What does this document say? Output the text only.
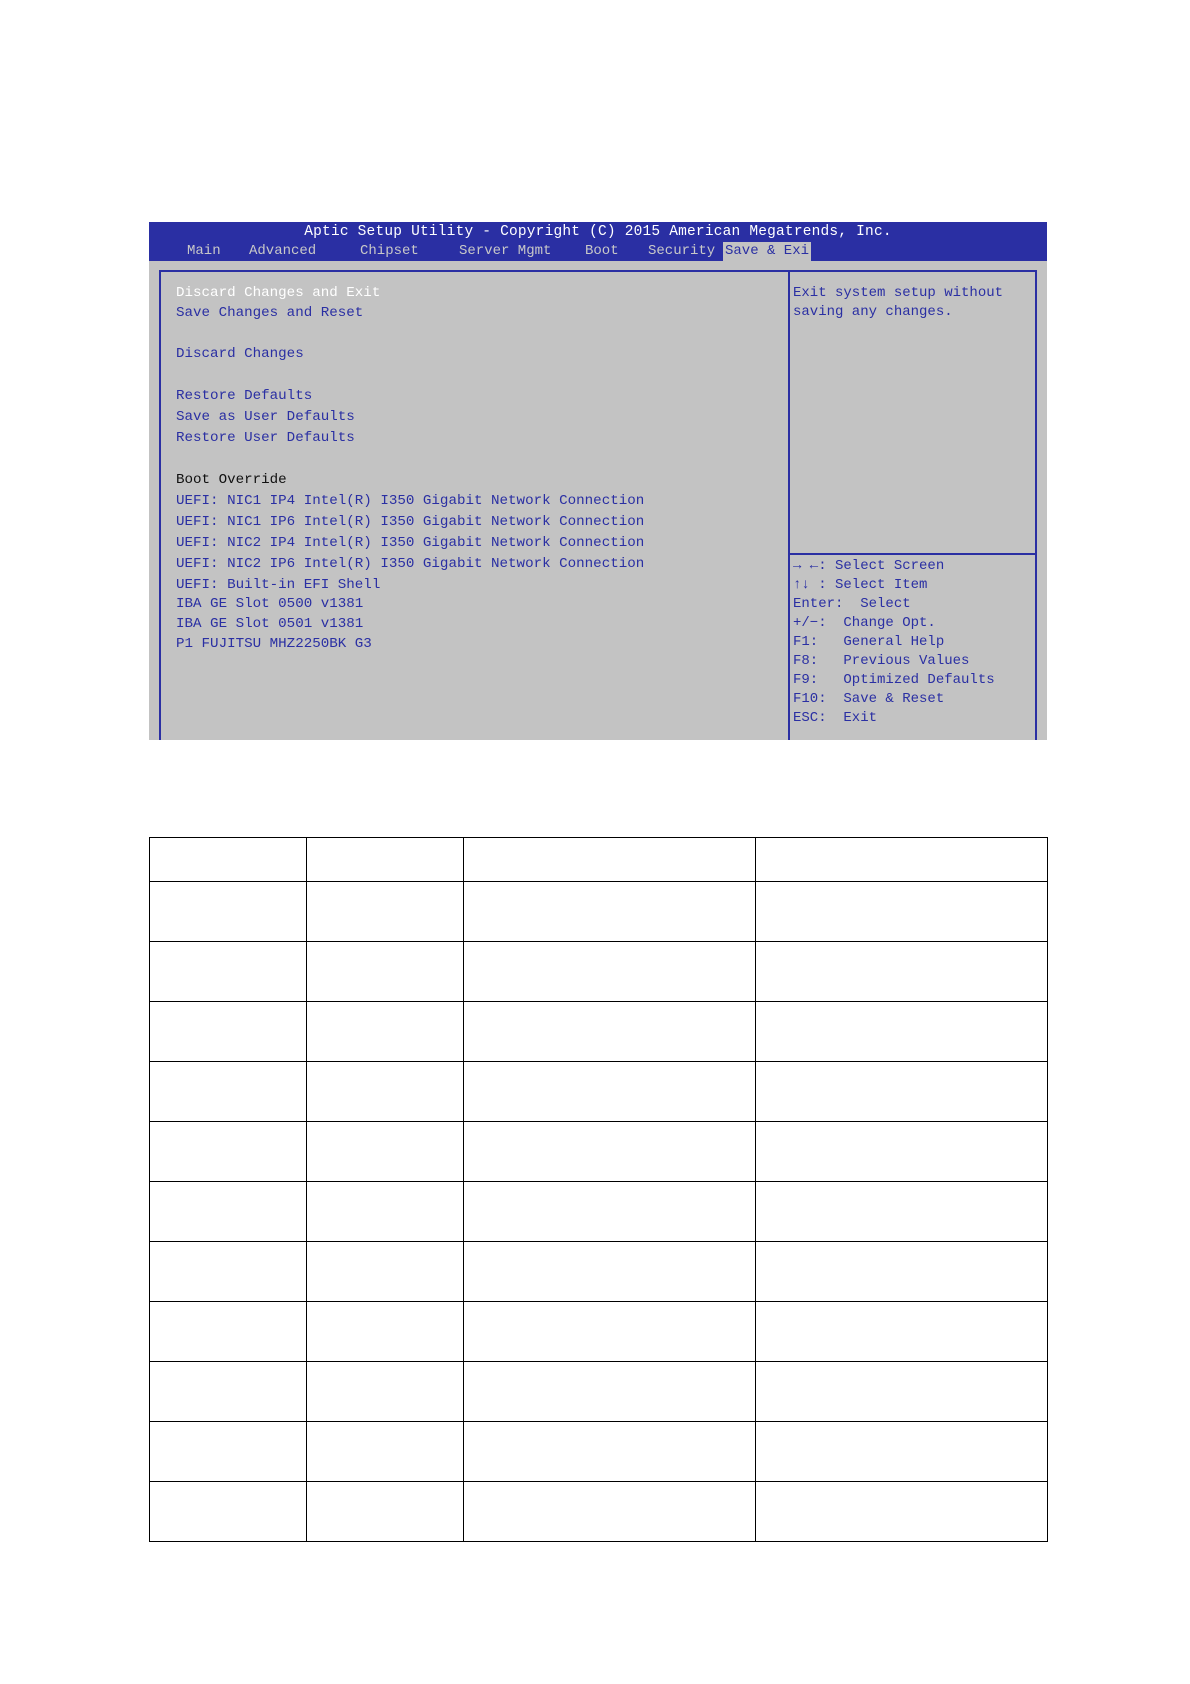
Aptic Setup Utility - Copyright (C) 2015 American Megatrends, Inc.
Main Advanced	Chipset	Server Mgmt Boot Security Save & Exi
Discard Changes and Exit
Save Changes and Reset
Discard Changes
Restore Defaults
Save as User Defaults
Restore User Defaults
Boot Override
UEFI: NIC1 IP4 Intel(R) I350 Gigabit Network Connection
UEFI: NIC1 IP6 Intel(R) I350 Gigabit Network Connection
UEFI: NIC2 IP4 Intel(R) I350 Gigabit Network Connection
UEFI: NIC2 IP6 Intel(R) I350 Gigabit Network Connection
UEFI: Built-in EFI Shell
IBA GE Slot 0500 v1381
IBA GE Slot 0501 v1381
P1 FUJITSU MHZ2250BK G3
Exit system setup without
saving any changes.
→ ←: Select Screen
↑↓ : Select Item
Enter:  Select
+/−:  Change Opt.
F1:   General Help
F8:   Previous Values
F9:   Optimized Defaults
F10:  Save & Reset
ESC:  Exit
